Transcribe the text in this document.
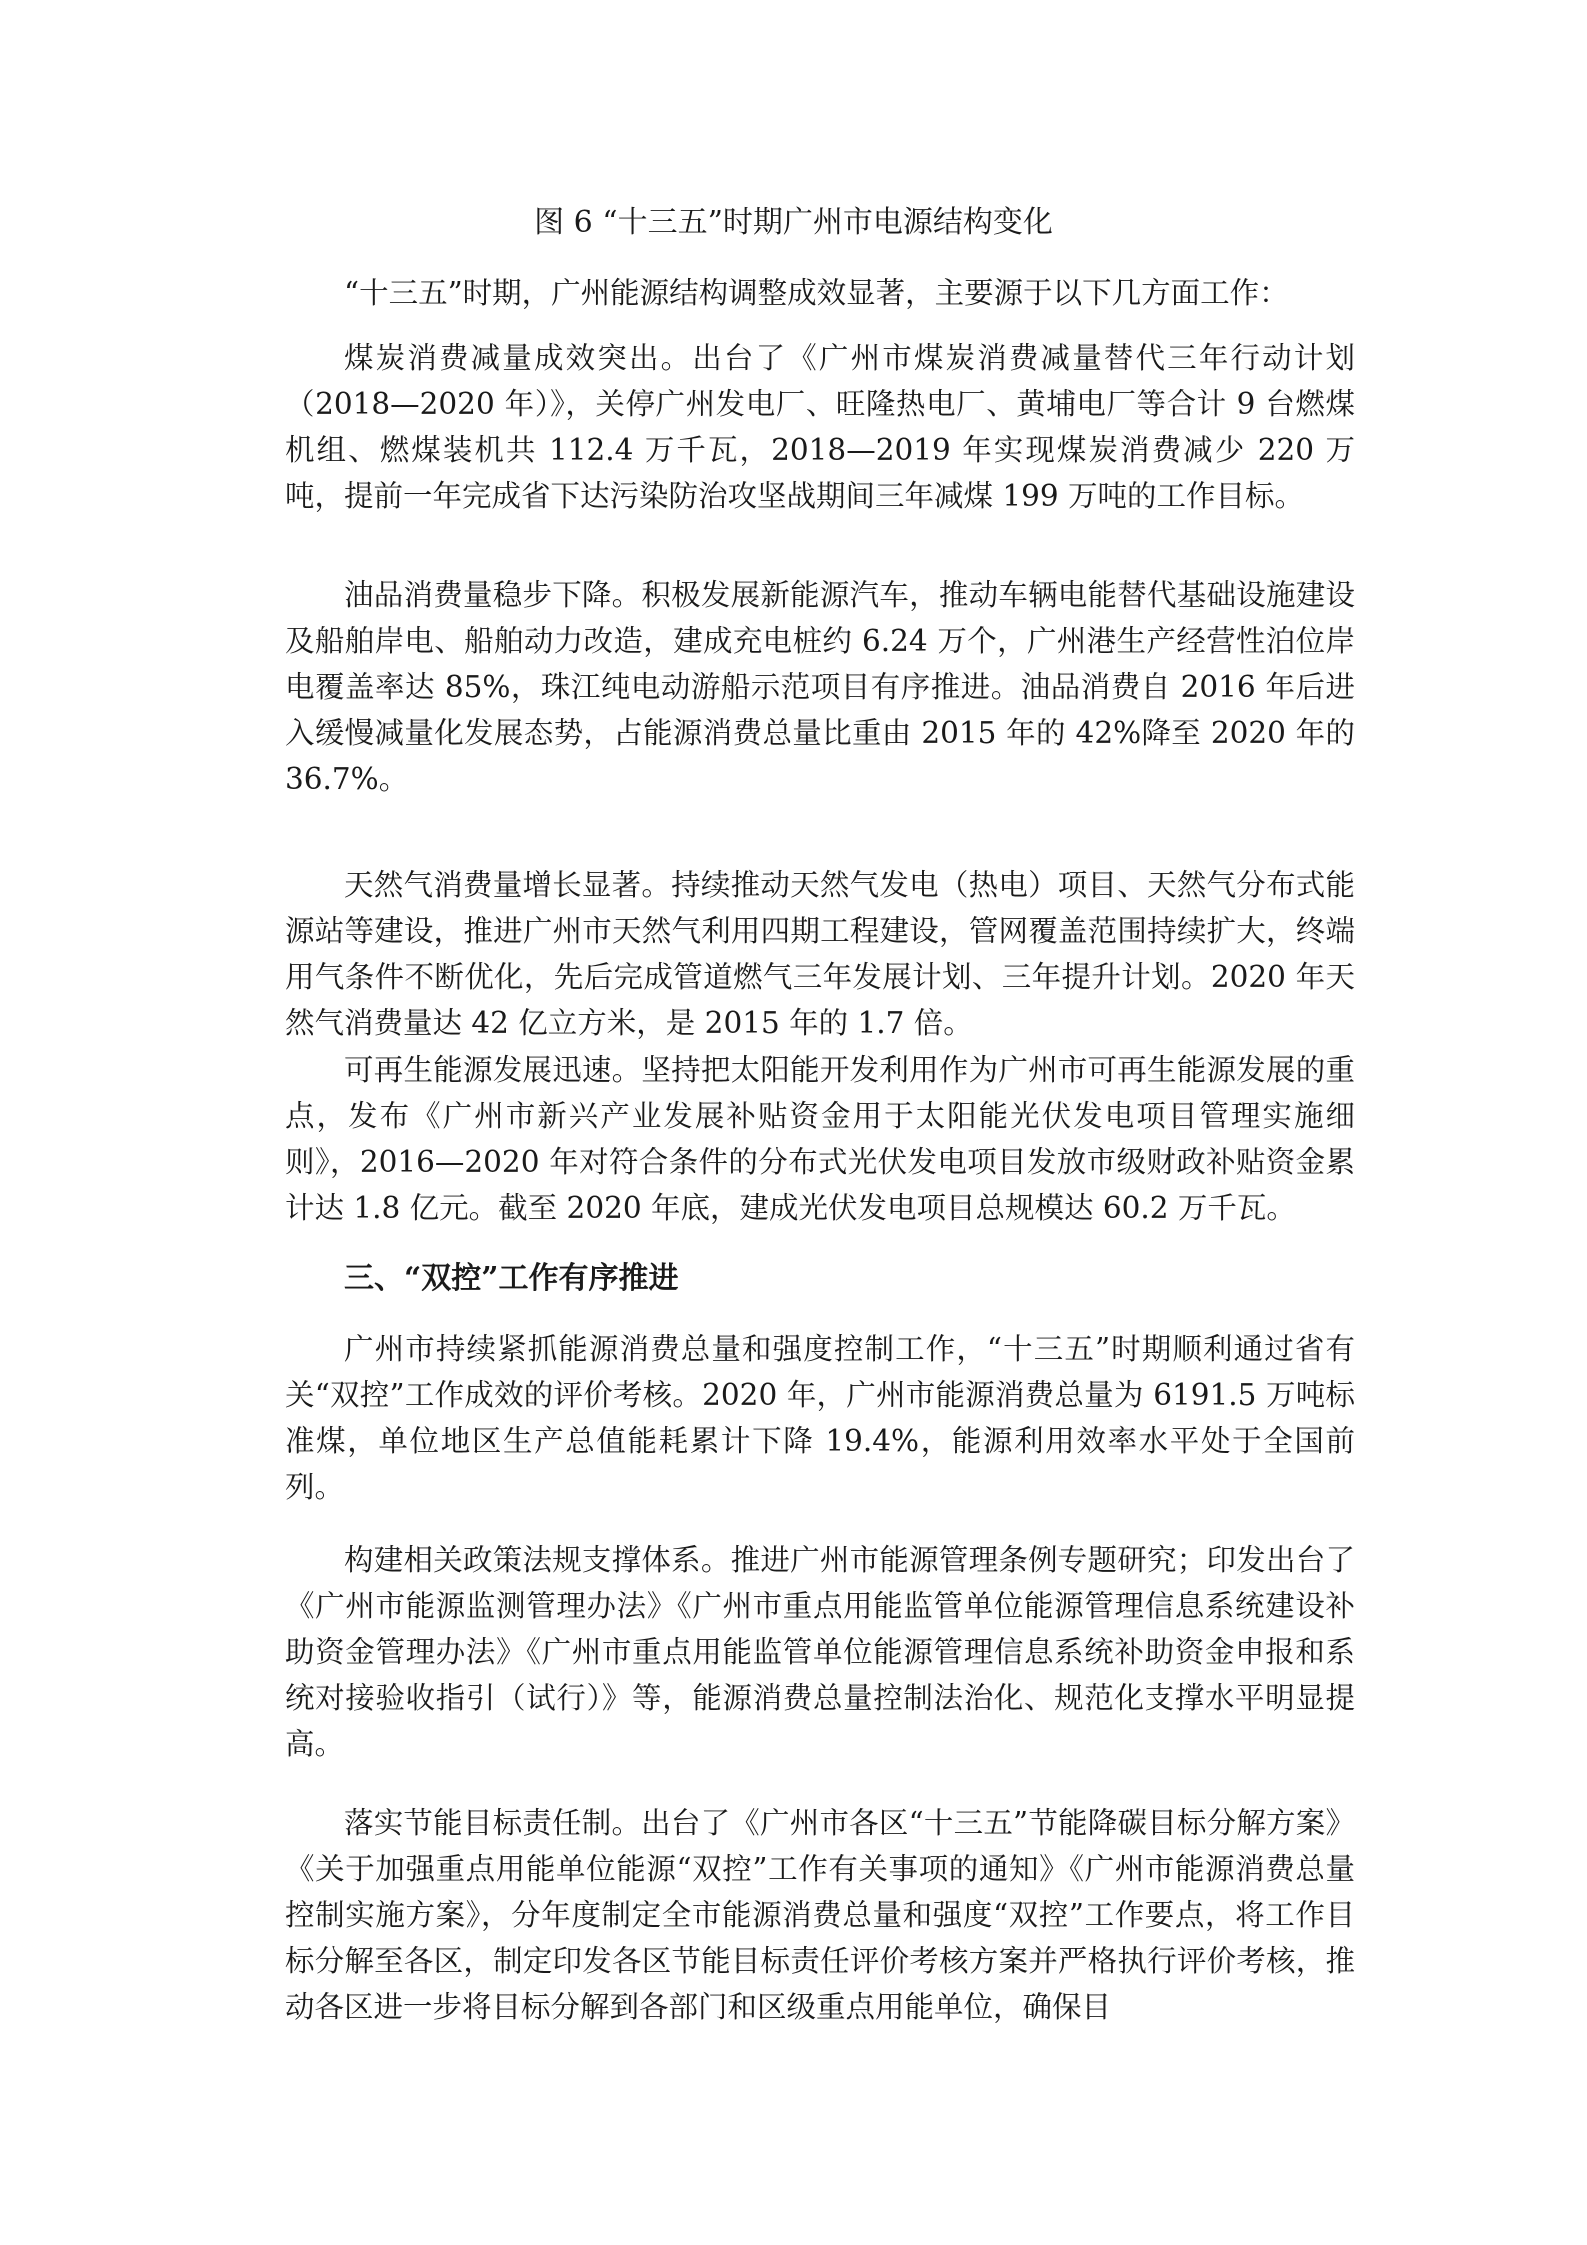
图 6 “十三五”时期广州市电源结构变化

“十三五”时期，广州能源结构调整成效显著，主要源于以下几方面工作：

煤炭消费减量成效突出。出台了《广州市煤炭消费减量替代三年行动计划（2018—2020 年）》，关停广州发电厂、旺隆热电厂、黄埔电厂等合计 9 台燃煤机组、燃煤装机共 112.4 万千瓦，2018—2019 年实现煤炭消费减少 220 万吨，提前一年完成省下达污染防治攻坚战期间三年减煤 199 万吨的工作目标。

油品消费量稳步下降。积极发展新能源汽车，推动车辆电能替代基础设施建设及船舶岸电、船舶动力改造，建成充电桩约 6.24 万个，广州港生产经营性泊位岸电覆盖率达 85%，珠江纯电动游船示范项目有序推进。油品消费自 2016 年后进入缓慢减量化发展态势，占能源消费总量比重由 2015 年的 42%降至 2020 年的 36.7%。

天然气消费量增长显著。持续推动天然气发电（热电）项目、天然气分布式能源站等建设，推进广州市天然气利用四期工程建设，管网覆盖范围持续扩大，终端用气条件不断优化，先后完成管道燃气三年发展计划、三年提升计划。2020 年天然气消费量达 42 亿立方米，是 2015 年的 1.7 倍。

可再生能源发展迅速。坚持把太阳能开发利用作为广州市可再生能源发展的重点，发布《广州市新兴产业发展补贴资金用于太阳能光伏发电项目管理实施细则》，2016—2020 年对符合条件的分布式光伏发电项目发放市级财政补贴资金累计达 1.8 亿元。截至 2020 年底，建成光伏发电项目总规模达 60.2 万千瓦。

三、“双控”工作有序推进

广州市持续紧抓能源消费总量和强度控制工作，“十三五”时期顺利通过省有关“双控”工作成效的评价考核。2020 年，广州市能源消费总量为 6191.5 万吨标准煤，单位地区生产总值能耗累计下降 19.4%，能源利用效率水平处于全国前列。

构建相关政策法规支撑体系。推进广州市能源管理条例专题研究；印发出台了《广州市能源监测管理办法》《广州市重点用能监管单位能源管理信息系统建设补助资金管理办法》《广州市重点用能监管单位能源管理信息系统补助资金申报和系统对接验收指引（试行）》等，能源消费总量控制法治化、规范化支撑水平明显提高。

落实节能目标责任制。出台了《广州市各区“十三五”节能降碳目标分解方案》《关于加强重点用能单位能源“双控”工作有关事项的通知》《广州市能源消费总量控制实施方案》，分年度制定全市能源消费总量和强度“双控”工作要点，将工作目标分解至各区，制定印发各区节能目标责任评价考核方案并严格执行评价考核，推动各区进一步将目标分解到各部门和区级重点用能单位，确保目
